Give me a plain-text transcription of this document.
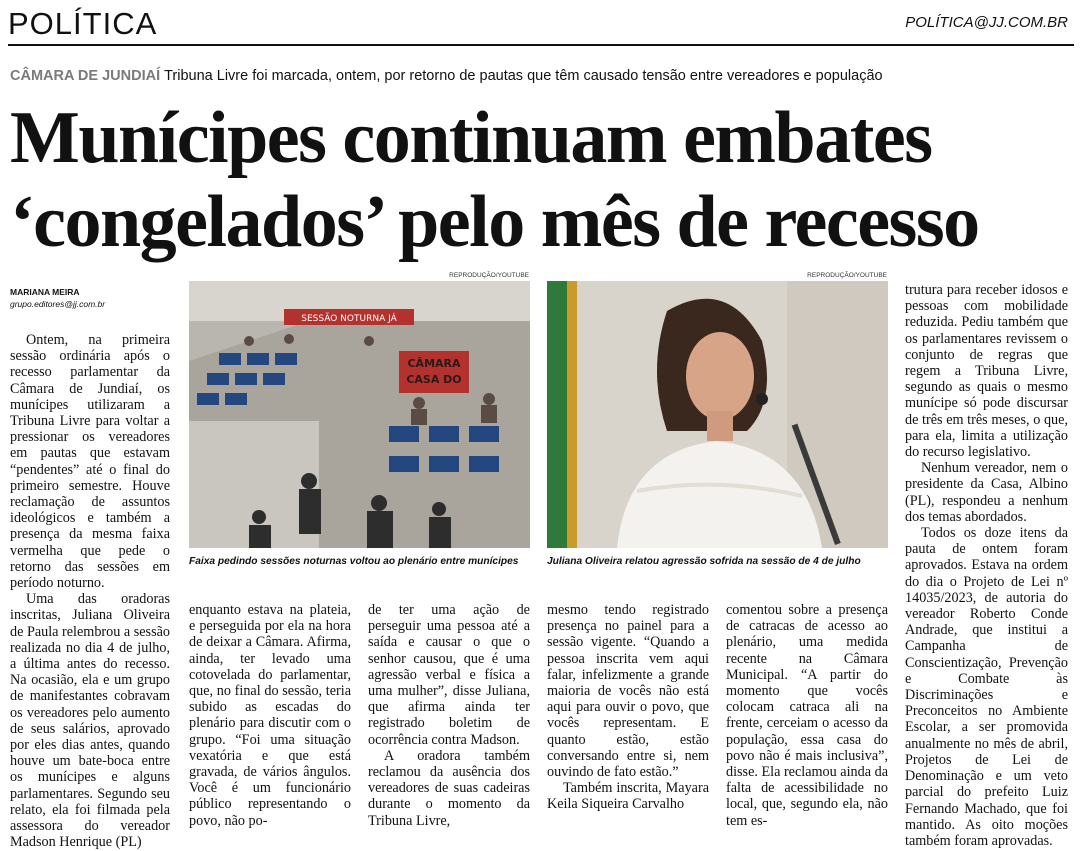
POLÍTICA	POLÍTICA@JJ.COM.BR
CÂMARA DE JUNDIAÍ Tribuna Livre foi marcada, ontem, por retorno de pautas que têm causado tensão entre vereadores e população
Munícipes continuam embates
‘congelados’ pelo mês de recesso
MARIANA MEIRA
grupo.editores@jj.com.br

Ontem, na primeira sessão ordinária após o recesso parlamentar da Câmara de Jundiaí, os munícipes utilizaram a Tribuna Livre para voltar a pressionar os vereadores em pautas que estavam “pendentes” até o final do primeiro semestre. Houve reclamação de assuntos ideológicos e também a presença da mesma faixa vermelha que pede o retorno das sessões em período noturno.

Uma das oradoras inscritas, Juliana Oliveira de Paula relembrou a sessão realizada no dia 4 de julho, a última antes do recesso. Na ocasião, ela e um grupo de manifestantes cobravam os vereadores pelo aumento de seus salários, aprovado por eles dias antes, quando houve um bate-boca entre os munícipes e alguns parlamentares. Segundo seu relato, ela foi filmada pela assessora do vereador Madson Henrique (PL)

REPRODUÇÃO/YOUTUBE
SESSÃO NOTURNA JÁ
CÂMARA
CASA DO
Faixa pedindo sessões noturnas voltou ao plenário entre munícipes
REPRODUÇÃO/YOUTUBE
Juliana Oliveira relatou agressão sofrida na sessão de 4 de julho

enquanto estava na plateia, e perseguida por ela na hora de deixar a Câmara. Afirma, ainda, ter levado uma cotovelada do parlamentar, que, no final do sessão, teria subido as escadas do plenário para discutir com o grupo. “Foi uma situação vexatória e que está gravada, de vários ângulos. Você é um funcionário público representando o povo, não po-

de ter uma ação de perseguir uma pessoa até a saída e causar o que o senhor causou, que é uma agressão verbal e física a uma mulher”, disse Juliana, que afirma ainda ter registrado boletim de ocorrência contra Madson.

A oradora também reclamou da ausência dos vereadores de suas cadeiras durante o momento da Tribuna Livre,

mesmo tendo registrado presença no painel para a sessão vigente. “Quando a pessoa inscrita vem aqui falar, infelizmente a grande maioria de vocês não está aqui para ouvir o povo, que vocês representam. E quanto estão, estão conversando entre si, nem ouvindo de fato estão.”

Também inscrita, Mayara Keila Siqueira Carvalho

comentou sobre a presença de catracas de acesso ao plenário, uma medida recente na Câmara Municipal. “A partir do momento que vocês colocam catraca ali na frente, cerceiam o acesso da população, essa casa do povo não é mais inclusiva”, disse. Ela reclamou ainda da falta de acessibilidade no local, que, segundo ela, não tem es-

trutura para receber idosos e pessoas com mobilidade reduzida. Pediu também que os parlamentares revissem o conjunto de regras que regem a Tribuna Livre, segundo as quais o mesmo munícipe só pode discursar de três em três meses, o que, para ela, limita a utilização do recurso legislativo.

Nenhum vereador, nem o presidente da Casa, Albino (PL), respondeu a nenhum dos temas abordados.

Todos os doze itens da pauta de ontem foram aprovados. Estava na ordem do dia o Projeto de Lei nº 14035/2023, de autoria do vereador Roberto Conde Andrade, que institui a Campanha de Conscientização, Prevenção e Combate às Discriminações e Preconceitos no Ambiente Escolar, a ser promovida anualmente no mês de abril, Projetos de Lei de Denominação e um veto parcial do prefeito Luiz Fernando Machado, que foi mantido. As oito moções também foram aprovadas.
